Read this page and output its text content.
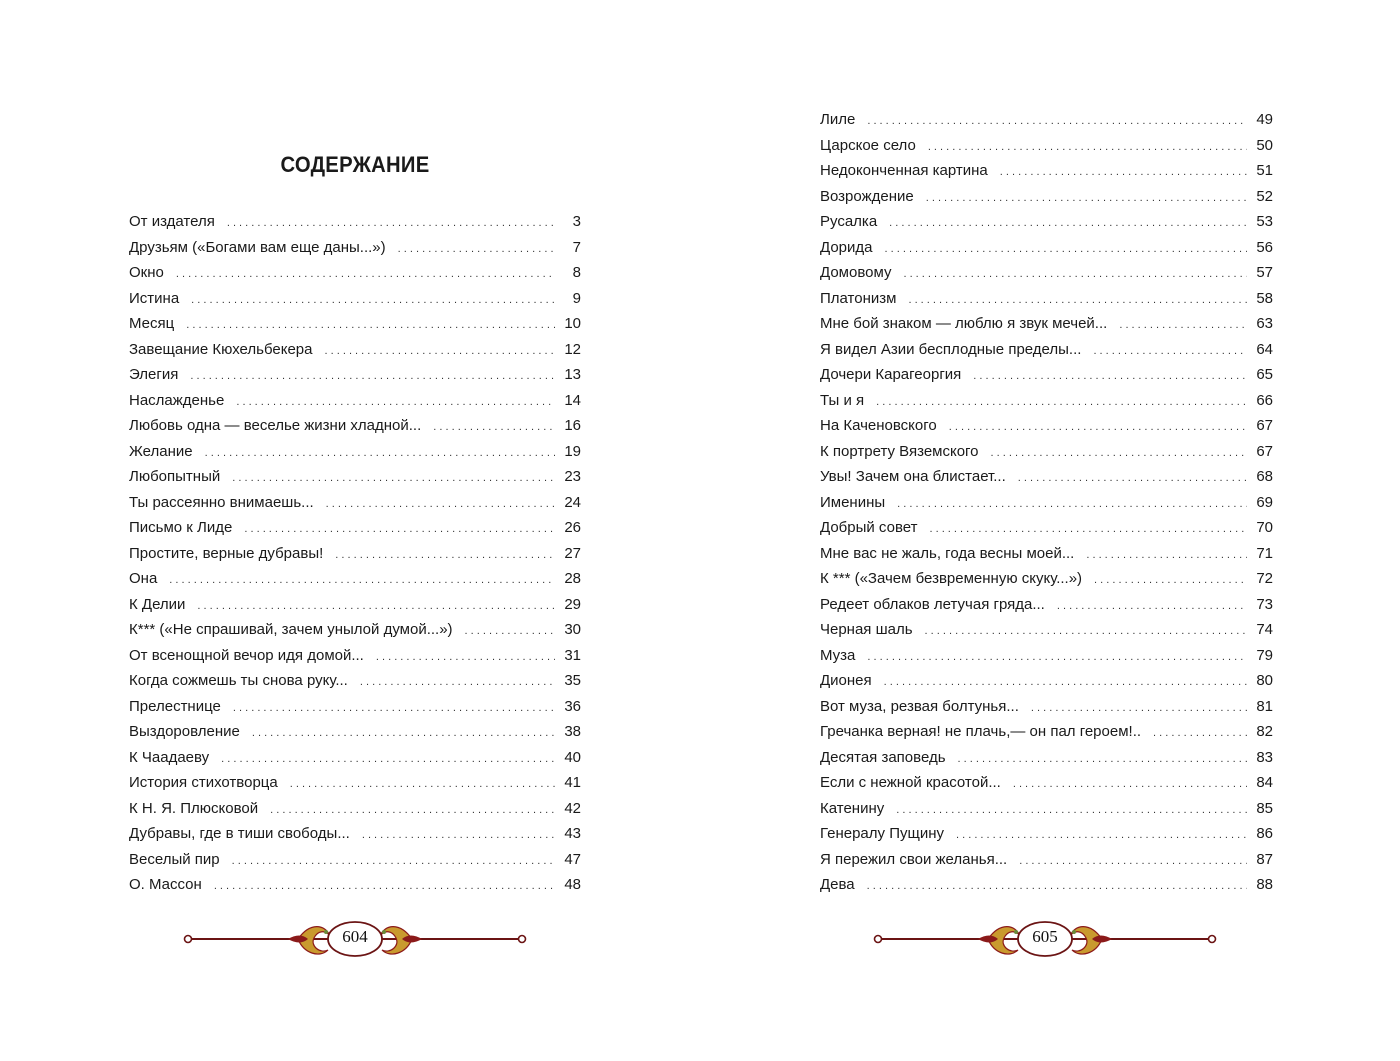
СОДЕРЖАНИЕ
От издателя . . .	3
Друзьям («Богами вам еще даны...») . . .	7
Окно . . .	8
Истина . . .	9
Месяц . . .	10
Завещание Кюхельбекера . . .	12
Элегия . . .	13
Наслажденье . . .	14
Любовь одна — веселье жизни хладной... . . .	16
Желание . . .	19
Любопытный . . .	23
Ты рассеянно внимаешь... . . .	24
Письмо к Лиде . . .	26
Простите, верные дубравы! . . .	27
Она . . .	28
К Делии . . .	29
К*** («Не спрашивай, зачем унылой думой...») . . .	30
От всенощной вечор идя домой... . . .	31
Когда сожмешь ты снова руку... . . .	35
Прелестнице . . .	36
Выздоровление . . .	38
К Чаадаеву . . .	40
История стихотворца . . .	41
К Н. Я. Плюсковой . . .	42
Дубравы, где в тиши свободы... . . .	43
Веселый пир . . .	47
О. Массон . . .	48
604
Лиле . . .	49
Царское село . . .	50
Недоконченная картина . . .	51
Возрождение . . .	52
Русалка . . .	53
Дорида . . .	56
Домовому . . .	57
Платонизм . . .	58
Мне бой знаком — люблю я звук мечей... . . .	63
Я видел Азии бесплодные пределы... . . .	64
Дочери Карагеоргия . . .	65
Ты и я . . .	66
На Каченовского . . .	67
К портрету Вяземского . . .	67
Увы! Зачем она блистает... . . .	68
Именины . . .	69
Добрый совет . . .	70
Мне вас не жаль, года весны моей... . . .	71
К *** («Зачем безвременную скуку...») . . .	72
Редеет облаков летучая гряда... . . .	73
Черная шаль . . .	74
Муза . . .	79
Дионея . . .	80
Вот муза, резвая болтунья... . . .	81
Гречанка верная! не плачь,— он пал героем!.. . . .	82
Десятая заповедь . . .	83
Если с нежной красотой... . . .	84
Катенину . . .	85
Генералу Пущину . . .	86
Я пережил свои желанья... . . .	87
Дева . . .	88
605
